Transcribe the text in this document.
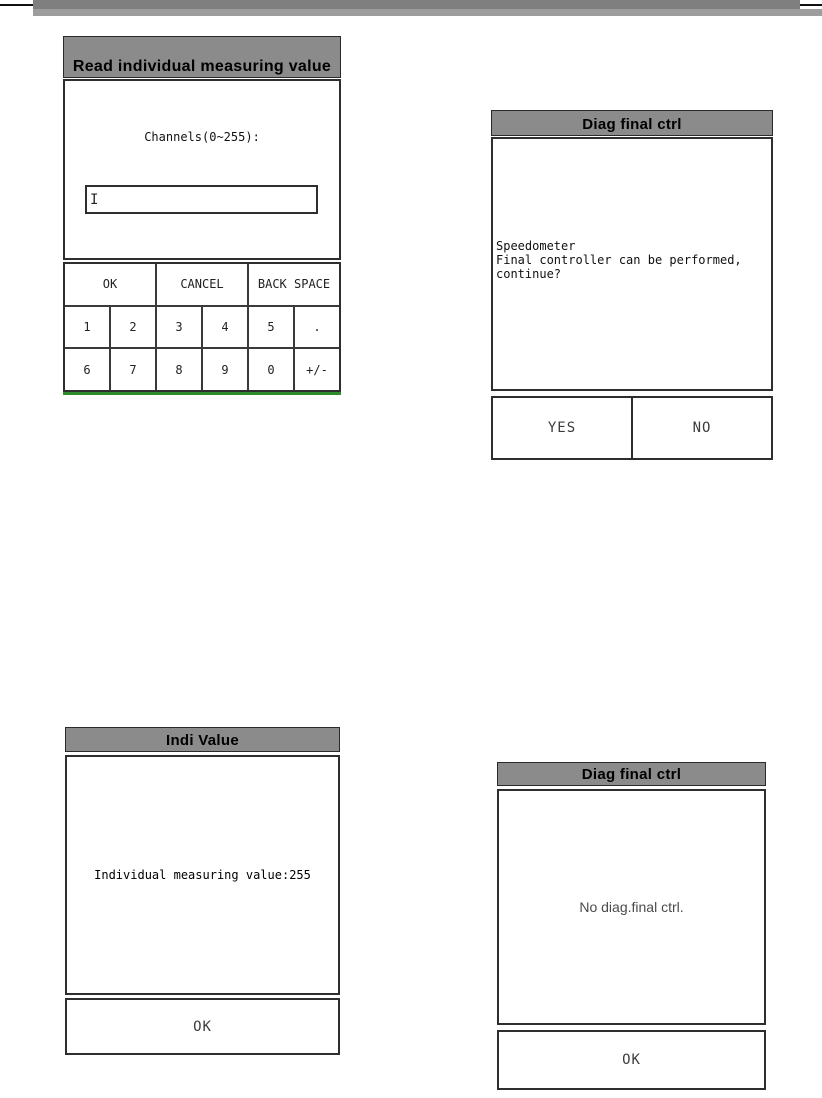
Read individual measuring value
Channels(0~255):
I
OK	CANCEL	BACK SPACE
1	2	3	4	5	.
6	7	8	9	0	+/-
Diag final ctrl
Speedometer
Final controller can be performed,
continue?
YES	NO
Indi Value
Individual measuring value:255
OK
Diag final ctrl
No diag.final ctrl.
OK
